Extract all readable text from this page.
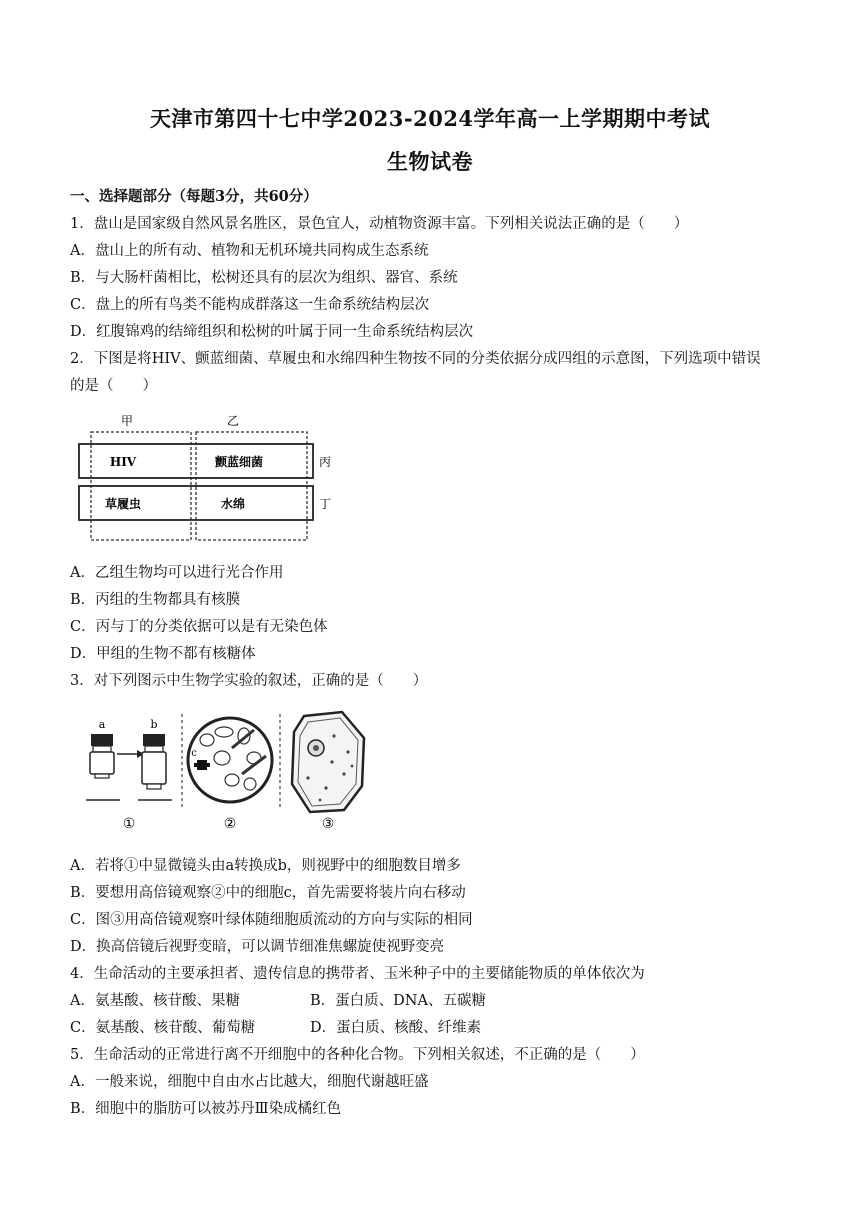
天津市第四十七中学2023-2024学年高一上学期期中考试
生物试卷
一、选择题部分（每题3分，共60分）
1．盘山是国家级自然风景名胜区，景色宜人，动植物资源丰富。下列相关说法正确的是（　　）
A．盘山上的所有动、植物和无机环境共同构成生态系统
B．与大肠杆菌相比，松树还具有的层次为组织、器官、系统
C．盘上的所有鸟类不能构成群落这一生命系统结构层次
D．红腹锦鸡的结缔组织和松树的叶属于同一生命系统结构层次
2．下图是将HIV、颤蓝细菌、草履虫和水绵四种生物按不同的分类依据分成四组的示意图，下列选项中错误
的是（　　）
甲	乙
丙
丁
HIV	颤蓝细菌
草履虫	水绵
A．乙组生物均可以进行光合作用
B．丙组的生物都具有核膜
C．丙与丁的分类依据可以是有无染色体
D．甲组的生物不都有核糖体
3．对下列图示中生物学实验的叙述，正确的是（　　）
a	b
①
c
②	③
A．若将①中显微镜头由a转换成b，则视野中的细胞数目增多
B．要想用高倍镜观察②中的细胞c，首先需要将装片向右移动
C．图③用高倍镜观察叶绿体随细胞质流动的方向与实际的相同
D．换高倍镜后视野变暗，可以调节细准焦螺旋使视野变亮
4．生命活动的主要承担者、遗传信息的携带者、玉米种子中的主要储能物质的单体依次为
A．氨基酸、核苷酸、果糖	B．蛋白质、DNA、五碳糖
C．氨基酸、核苷酸、葡萄糖	D．蛋白质、核酸、纤维素
5．生命活动的正常进行离不开细胞中的各种化合物。下列相关叙述，不正确的是（　　）
A．一般来说，细胞中自由水占比越大，细胞代谢越旺盛
B．细胞中的脂肪可以被苏丹Ⅲ染成橘红色
